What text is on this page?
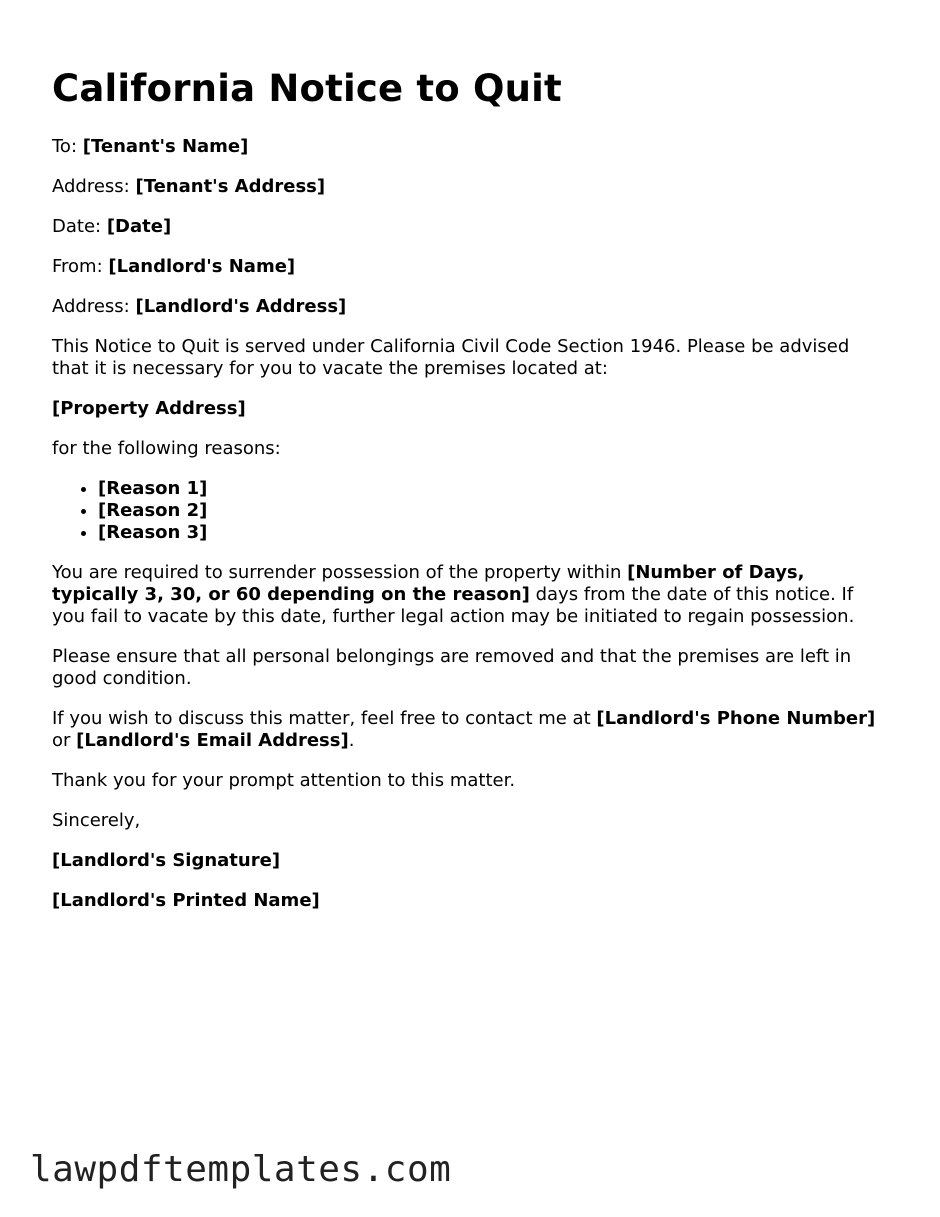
California Notice to Quit

To: [Tenant's Name]

Address: [Tenant's Address]

Date: [Date]

From: [Landlord's Name]

Address: [Landlord's Address]

This Notice to Quit is served under California Civil Code Section 1946. Please be advised that it is necessary for you to vacate the premises located at:

[Property Address]

for the following reasons:

• [Reason 1]
• [Reason 2]
• [Reason 3]

You are required to surrender possession of the property within [Number of Days, typically 3, 30, or 60 depending on the reason] days from the date of this notice. If you fail to vacate by this date, further legal action may be initiated to regain possession.

Please ensure that all personal belongings are removed and that the premises are left in good condition.

If you wish to discuss this matter, feel free to contact me at [Landlord's Phone Number] or [Landlord's Email Address].

Thank you for your prompt attention to this matter.

Sincerely,

[Landlord's Signature]

[Landlord's Printed Name]

lawpdftemplates.com
